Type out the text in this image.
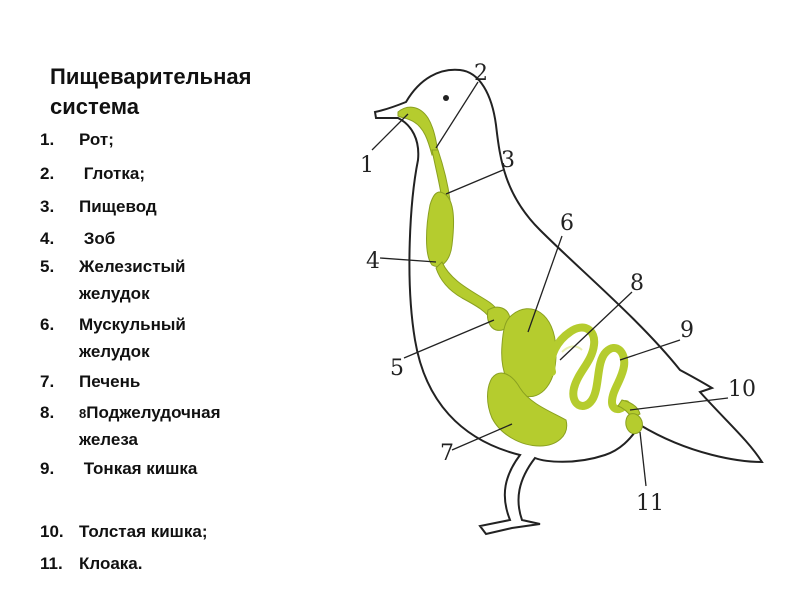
Пищеварительная система
1.	Рот;
2.	Глотка;
3.	Пищевод
4.	Зоб
5.	Железистый желудок
6.	Мускульный желудок
7.	Печень
8.	8Поджелудочная железа
9.	Тонкая кишка
10. Толстая кишка;
11. Клоака.
1
2
3
4
5
6
7
8
9
10
11
